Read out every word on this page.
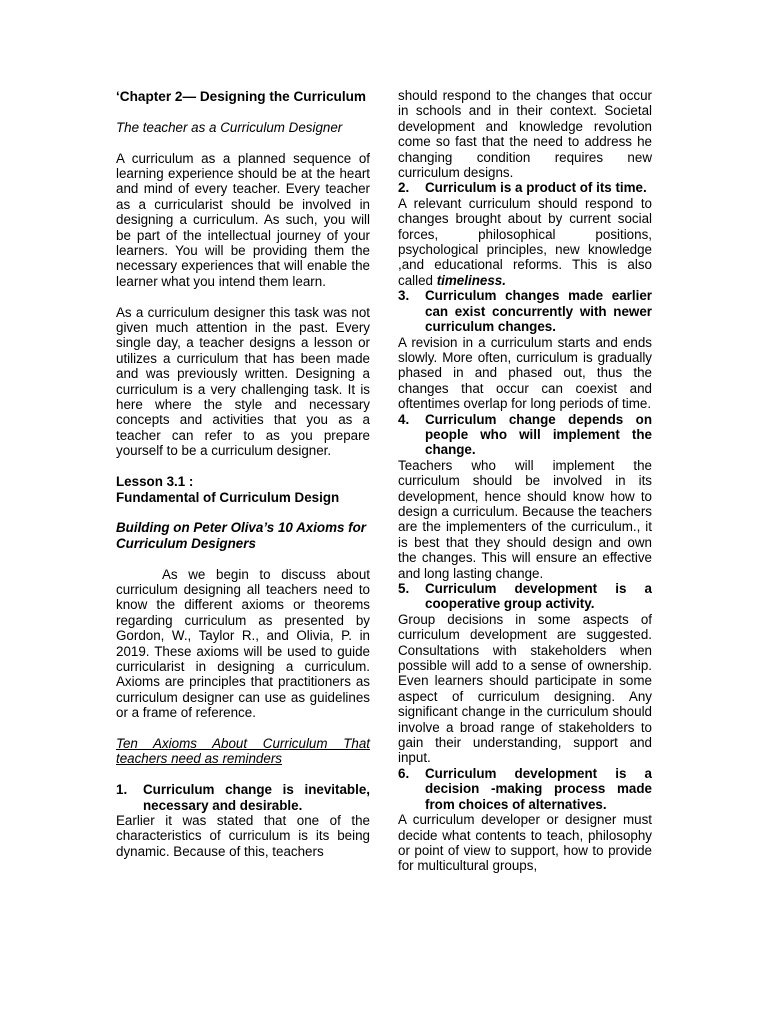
‘Chapter 2— Designing the Curriculum

The teacher as a Curriculum Designer

A curriculum as a planned sequence of learning experience should be at the heart and mind of every teacher. Every teacher as a curricularist should be involved in designing a curriculum. As such, you will be part of the intellectual journey of your learners. You will be providing them the necessary experiences that will enable the learner what you intend them learn.

As a curriculum designer this task was not given much attention in the past. Every single day, a teacher designs a lesson or utilizes a curriculum that has been made and was previously written. Designing a curriculum is a very challenging task. It is here where the style and necessary concepts and activities that you as a teacher can refer to as you prepare yourself to be a curriculum designer.

Lesson 3.1 :

Fundamental of Curriculum Design

Building on Peter Oliva’s 10 Axioms for Curriculum Designers

As we begin to discuss about curriculum designing all teachers need to know the different axioms or theorems regarding curriculum as presented by Gordon, W., Taylor R., and Olivia, P. in 2019. These axioms will be used to guide curricularist in designing a curriculum. Axioms are principles that practitioners as curriculum designer can use as guidelines or a frame of reference.

Ten Axioms About Curriculum That teachers need as reminders

1.	Curriculum change is inevitable, necessary and desirable.

Earlier it was stated that one of the characteristics of curriculum is its being dynamic. Because of this, teachers

should respond to the changes that occur in schools and in their context. Societal development and knowledge revolution come so fast that the need to address he changing condition requires new curriculum designs.

2.	Curriculum is a product of its time.

A relevant curriculum should respond to changes brought about by current social forces, philosophical positions, psychological principles, new knowledge ,and educational reforms. This is also called timeliness.

3.	Curriculum changes made earlier can exist concurrently with newer curriculum changes.

A revision in a curriculum starts and ends slowly. More often, curriculum is gradually phased in and phased out, thus the changes that occur can coexist and oftentimes overlap for long periods of time.

4.	Curriculum change depends on people who will implement the change.

Teachers who will implement the curriculum should be involved in its development, hence should know how to design a curriculum. Because the teachers are the implementers of the curriculum., it is best that they should design and own the changes. This will ensure an effective and long lasting change.

5.	Curriculum development is a cooperative group activity.

Group decisions in some aspects of curriculum development are suggested. Consultations with stakeholders when possible will add to a sense of ownership. Even learners should participate in some aspect of curriculum designing. Any significant change in the curriculum should involve a broad range of stakeholders to gain their understanding, support and input.

6.	Curriculum development is a decision -making process made from choices of alternatives.

A curriculum developer or designer must decide what contents to teach, philosophy or point of view to support, how to provide for multicultural groups,
